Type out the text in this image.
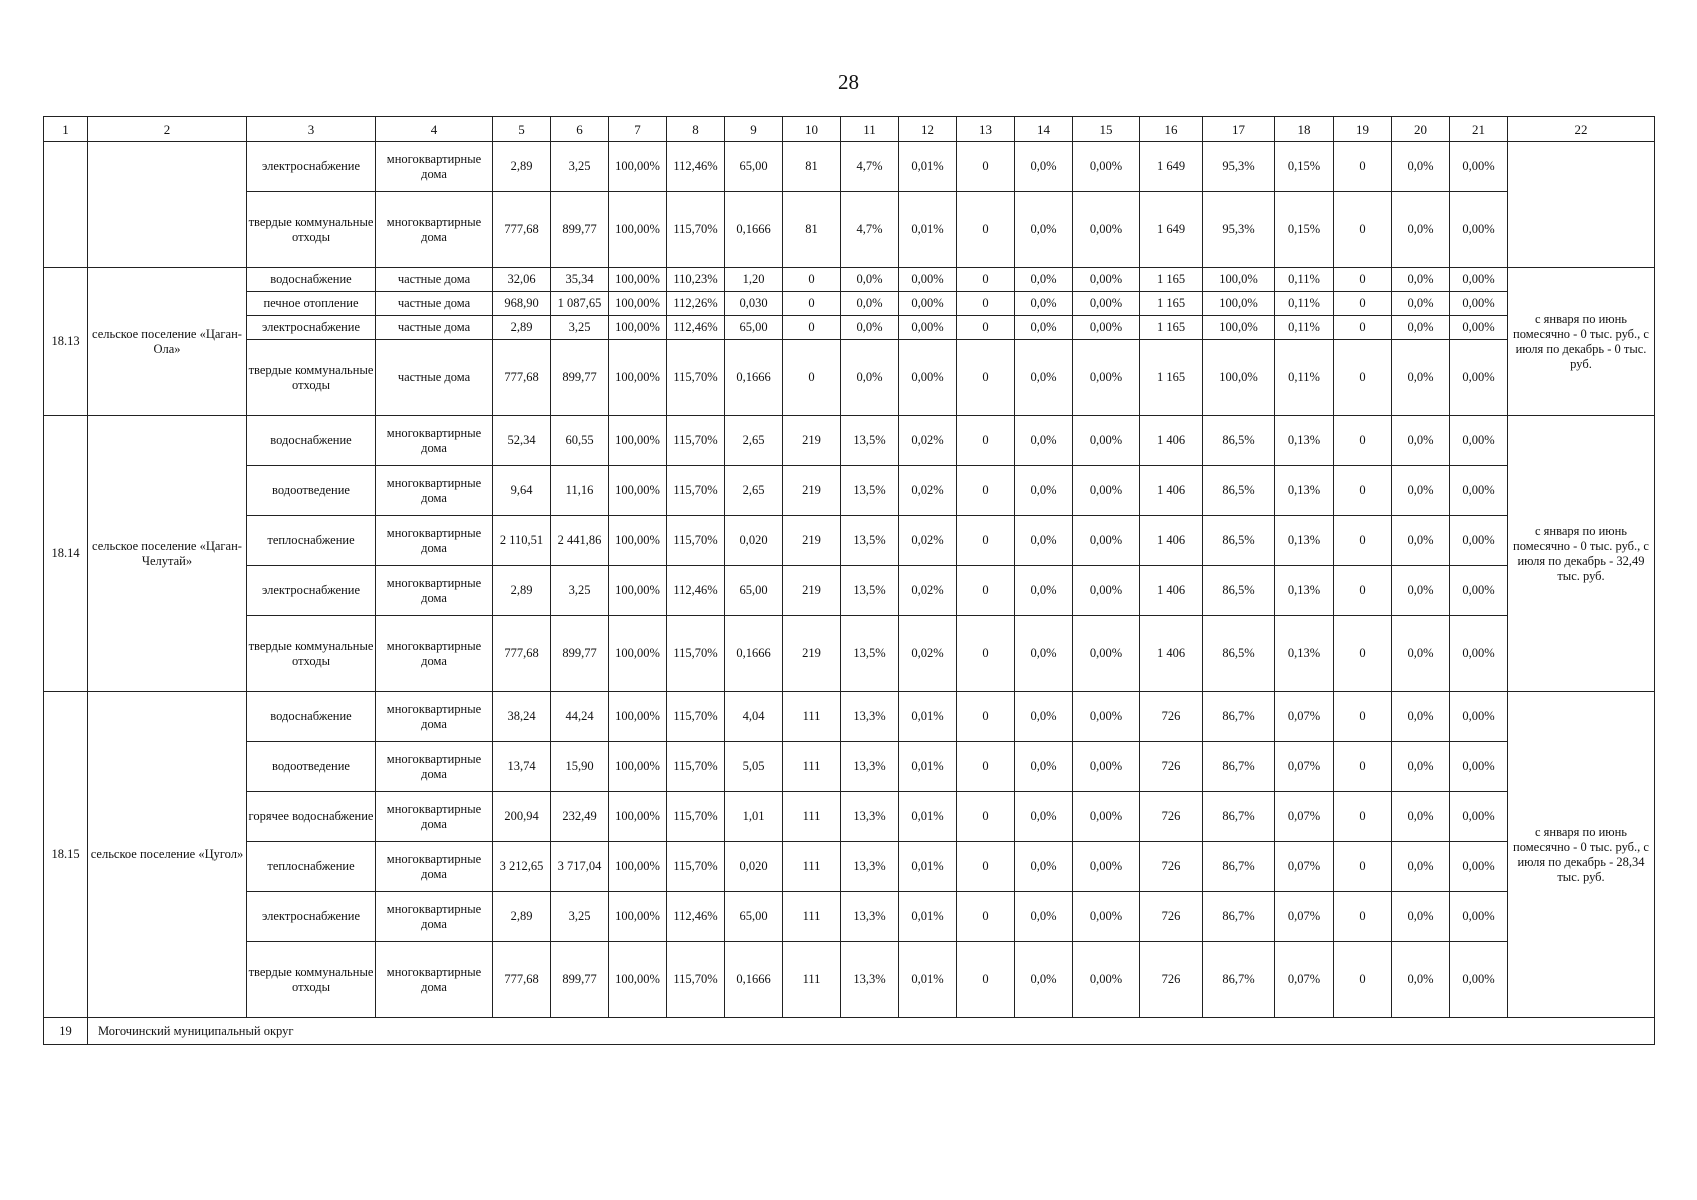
28
1	2	3	4	5	6	7	8	9	10	11	12	13	14	15	16	17	18	19	20	21	22
		электроснабжение	многоквартирные дома	2,89	3,25	100,00%	112,46%	65,00	81	4,7%	0,01%	0	0,0%	0,00%	1 649	95,3%	0,15%	0	0,0%	0,00%	
		твердые коммунальные отходы	многоквартирные дома	777,68	899,77	100,00%	115,70%	0,1666	81	4,7%	0,01%	0	0,0%	0,00%	1 649	95,3%	0,15%	0	0,0%	0,00%	
18.13	сельское поселение «Цаган-Ола»	водоснабжение	частные дома	32,06	35,34	100,00%	110,23%	1,20	0	0,0%	0,00%	0	0,0%	0,00%	1 165	100,0%	0,11%	0	0,0%	0,00%	с января по июнь помесячно - 0 тыс. руб., с июля по декабрь - 0 тыс. руб.
		печное отопление	частные дома	968,90	1 087,65	100,00%	112,26%	0,030	0	0,0%	0,00%	0	0,0%	0,00%	1 165	100,0%	0,11%	0	0,0%	0,00%	
		электроснабжение	частные дома	2,89	3,25	100,00%	112,46%	65,00	0	0,0%	0,00%	0	0,0%	0,00%	1 165	100,0%	0,11%	0	0,0%	0,00%	
		твердые коммунальные отходы	частные дома	777,68	899,77	100,00%	115,70%	0,1666	0	0,0%	0,00%	0	0,0%	0,00%	1 165	100,0%	0,11%	0	0,0%	0,00%	
18.14	сельское поселение «Цаган-Челутай»	водоснабжение	многоквартирные дома	52,34	60,55	100,00%	115,70%	2,65	219	13,5%	0,02%	0	0,0%	0,00%	1 406	86,5%	0,13%	0	0,0%	0,00%	с января по июнь помесячно - 0 тыс. руб., с июля по декабрь - 32,49 тыс. руб.
		водоотведение	многоквартирные дома	9,64	11,16	100,00%	115,70%	2,65	219	13,5%	0,02%	0	0,0%	0,00%	1 406	86,5%	0,13%	0	0,0%	0,00%	
		теплоснабжение	многоквартирные дома	2 110,51	2 441,86	100,00%	115,70%	0,020	219	13,5%	0,02%	0	0,0%	0,00%	1 406	86,5%	0,13%	0	0,0%	0,00%	
		электроснабжение	многоквартирные дома	2,89	3,25	100,00%	112,46%	65,00	219	13,5%	0,02%	0	0,0%	0,00%	1 406	86,5%	0,13%	0	0,0%	0,00%	
		твердые коммунальные отходы	многоквартирные дома	777,68	899,77	100,00%	115,70%	0,1666	219	13,5%	0,02%	0	0,0%	0,00%	1 406	86,5%	0,13%	0	0,0%	0,00%	
18.15	сельское поселение «Цугол»	водоснабжение	многоквартирные дома	38,24	44,24	100,00%	115,70%	4,04	111	13,3%	0,01%	0	0,0%	0,00%	726	86,7%	0,07%	0	0,0%	0,00%	с января по июнь помесячно - 0 тыс. руб., с июля по декабрь - 28,34 тыс. руб.
		водоотведение	многоквартирные дома	13,74	15,90	100,00%	115,70%	5,05	111	13,3%	0,01%	0	0,0%	0,00%	726	86,7%	0,07%	0	0,0%	0,00%	
		горячее водоснабжение	многоквартирные дома	200,94	232,49	100,00%	115,70%	1,01	111	13,3%	0,01%	0	0,0%	0,00%	726	86,7%	0,07%	0	0,0%	0,00%	
		теплоснабжение	многоквартирные дома	3 212,65	3 717,04	100,00%	115,70%	0,020	111	13,3%	0,01%	0	0,0%	0,00%	726	86,7%	0,07%	0	0,0%	0,00%	
		электроснабжение	многоквартирные дома	2,89	3,25	100,00%	112,46%	65,00	111	13,3%	0,01%	0	0,0%	0,00%	726	86,7%	0,07%	0	0,0%	0,00%	
		твердые коммунальные отходы	многоквартирные дома	777,68	899,77	100,00%	115,70%	0,1666	111	13,3%	0,01%	0	0,0%	0,00%	726	86,7%	0,07%	0	0,0%	0,00%	
19	Могочинский муниципальный округ																				
